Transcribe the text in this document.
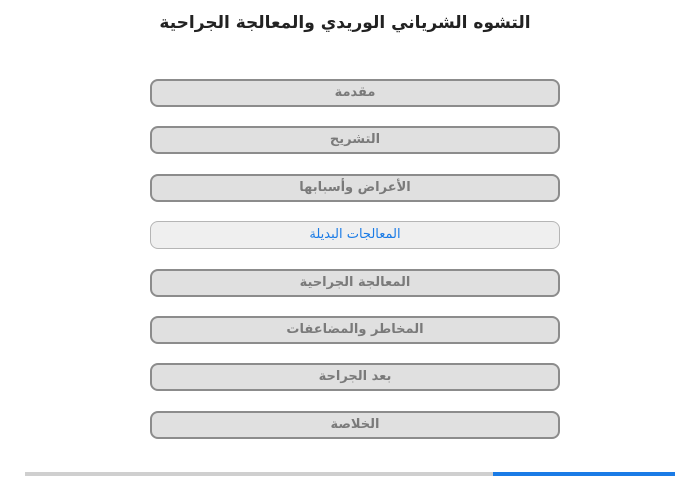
التشوه الشرياني الوريدي والمعالجة الجراحية
مقدمة
التشريح
الأعراض وأسبابها
المعالجات البديلة
المعالجة الجراحية
المخاطر والمضاعفات
بعد الجراحة
الخلاصة
